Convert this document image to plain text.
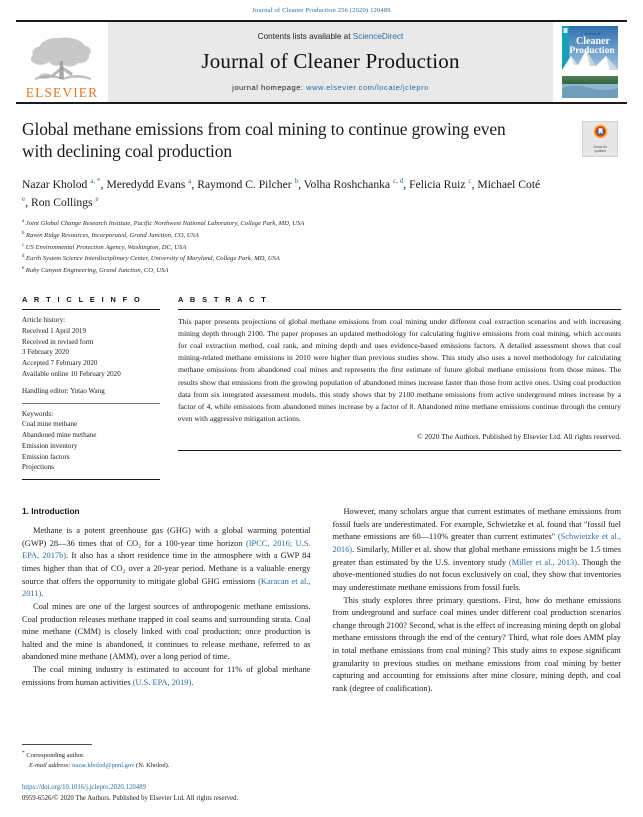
Journal of Cleaner Production 256 (2020) 120489
ELSEVIER
Contents lists available at ScienceDirect
Journal of Cleaner Production
journal homepage: www.elsevier.com/locate/jclepro
Journal of
Cleaner
Production
Global methane emissions from coal mining to continue growing even with declining coal production	Check for
updates
Nazar Kholod $^{a, *}$, Meredydd Evans $^a$, Raymond C. Pilcher $^b$, Volha Roshchanka $^{c, d}$, Felicia Ruiz $^c$, Michael Coté $^e$, Ron Collings $^e$
$^a$ Joint Global Change Research Institute, Pacific Northwest National Laboratory, College Park, MD, USA
$^b$ Raven Ridge Resources, Incorporated, Grand Junction, CO, USA
$^c$ US Environmental Protection Agency, Washington, DC, USA
$^d$ Earth System Science Interdisciplinary Center, University of Maryland, College Park, MD, USA
$^e$ Ruby Canyon Engineering, Grand Junction, CO, USA
A R T I C L E I N F O
Article history:
Received 1 April 2019
Received in revised form
3 February 2020
Accepted 7 February 2020
Available online 10 February 2020
Handling editor: Yutao Wang
Keywords:
Coal mine methane
Abandoned mine methane
Emission inventory
Emission factors
Projections
A B S T R A C T
This paper presents projections of global methane emissions from coal mining under different coal extraction scenarios and with increasing mining depth through 2100. The paper proposes an updated methodology for calculating fugitive emissions from coal mining, which accounts for coal extraction method, coal rank, and mining depth and uses evidence-based emissions factors. A detailed assessment shows that coal mining-related methane emissions in 2010 were higher than previous studies show. This study also uses a novel methodology for calculating methane emissions from abandoned coal mines and represents the first estimate of future global methane emissions from those mines. The results show that emissions from the growing population of abandoned mines increase faster than those from active ones. Using coal production data from six integrated assessment models, this study shows that by 2100 methane emissions from active underground mines increase by a factor of 4, while emissions from abandoned mines increase by a factor of 8. Abandoned mine methane emissions continue through the century even with aggressive mitigation actions.
© 2020 The Authors. Published by Elsevier Ltd. All rights reserved.
1. Introduction

Methane is a potent greenhouse gas (GHG) with a global warming potential (GWP) 28—36 times that of CO₂ for a 100-year time horizon (IPCC, 2016; U.S. EPA, 2017b). It also has a short residence time in the atmosphere with a GWP 84 times higher than that of CO₂ over a 20-year period. Methane is a valuable energy source that offers the opportunity to mitigate global GHG emissions (Karacan et al., 2011).

Coal mines are one of the largest sources of anthropogenic methane emissions. Coal production releases methane trapped in coal seams and surrounding strata. Coal mine methane (CMM) is closely linked with coal production; once production is halted and the mine is abandoned, it continues to release methane, referred to as abandoned mine methane (AMM), over a long period of time.

The coal mining industry is estimated to account for 11% of global methane emissions from human activities (U.S. EPA, 2019).

However, many scholars argue that current estimates of methane emissions from fossil fuels are underestimated. For example, Schwietzke et al. found that "fossil fuel methane emissions are 60—110% greater than current estimates" (Schwietzke et al., 2016). Similarly, Miller et al. show that global methane emissions might be 1.5 times greater than estimated by the U.S. inventory study (Miller et al., 2013). Though the above-mentioned studies do not focus exclusively on coal, they show that inventories may underestimate methane emissions from fossil fuels.

This study explores three primary questions. First, how do methane emissions from underground and surface coal mines under different coal production scenarios change through 2100? Second, what is the effect of increasing mining depth on global methane emissions through the end of the century? Third, what role does AMM play in total methane emissions from coal mining? This study aims to expose significant granularity to previous studies on methane emissions from coal mining by better capturing and accounting for emissions after mine closure, mining depth, and coal rank (degree of coalification).

* Corresponding author.
E-mail address: nazar.kholod@pnnl.gov (N. Kholod).
https://doi.org/10.1016/j.jclepro.2020.120489
0959-6526/© 2020 The Authors. Published by Elsevier Ltd. All rights reserved.
